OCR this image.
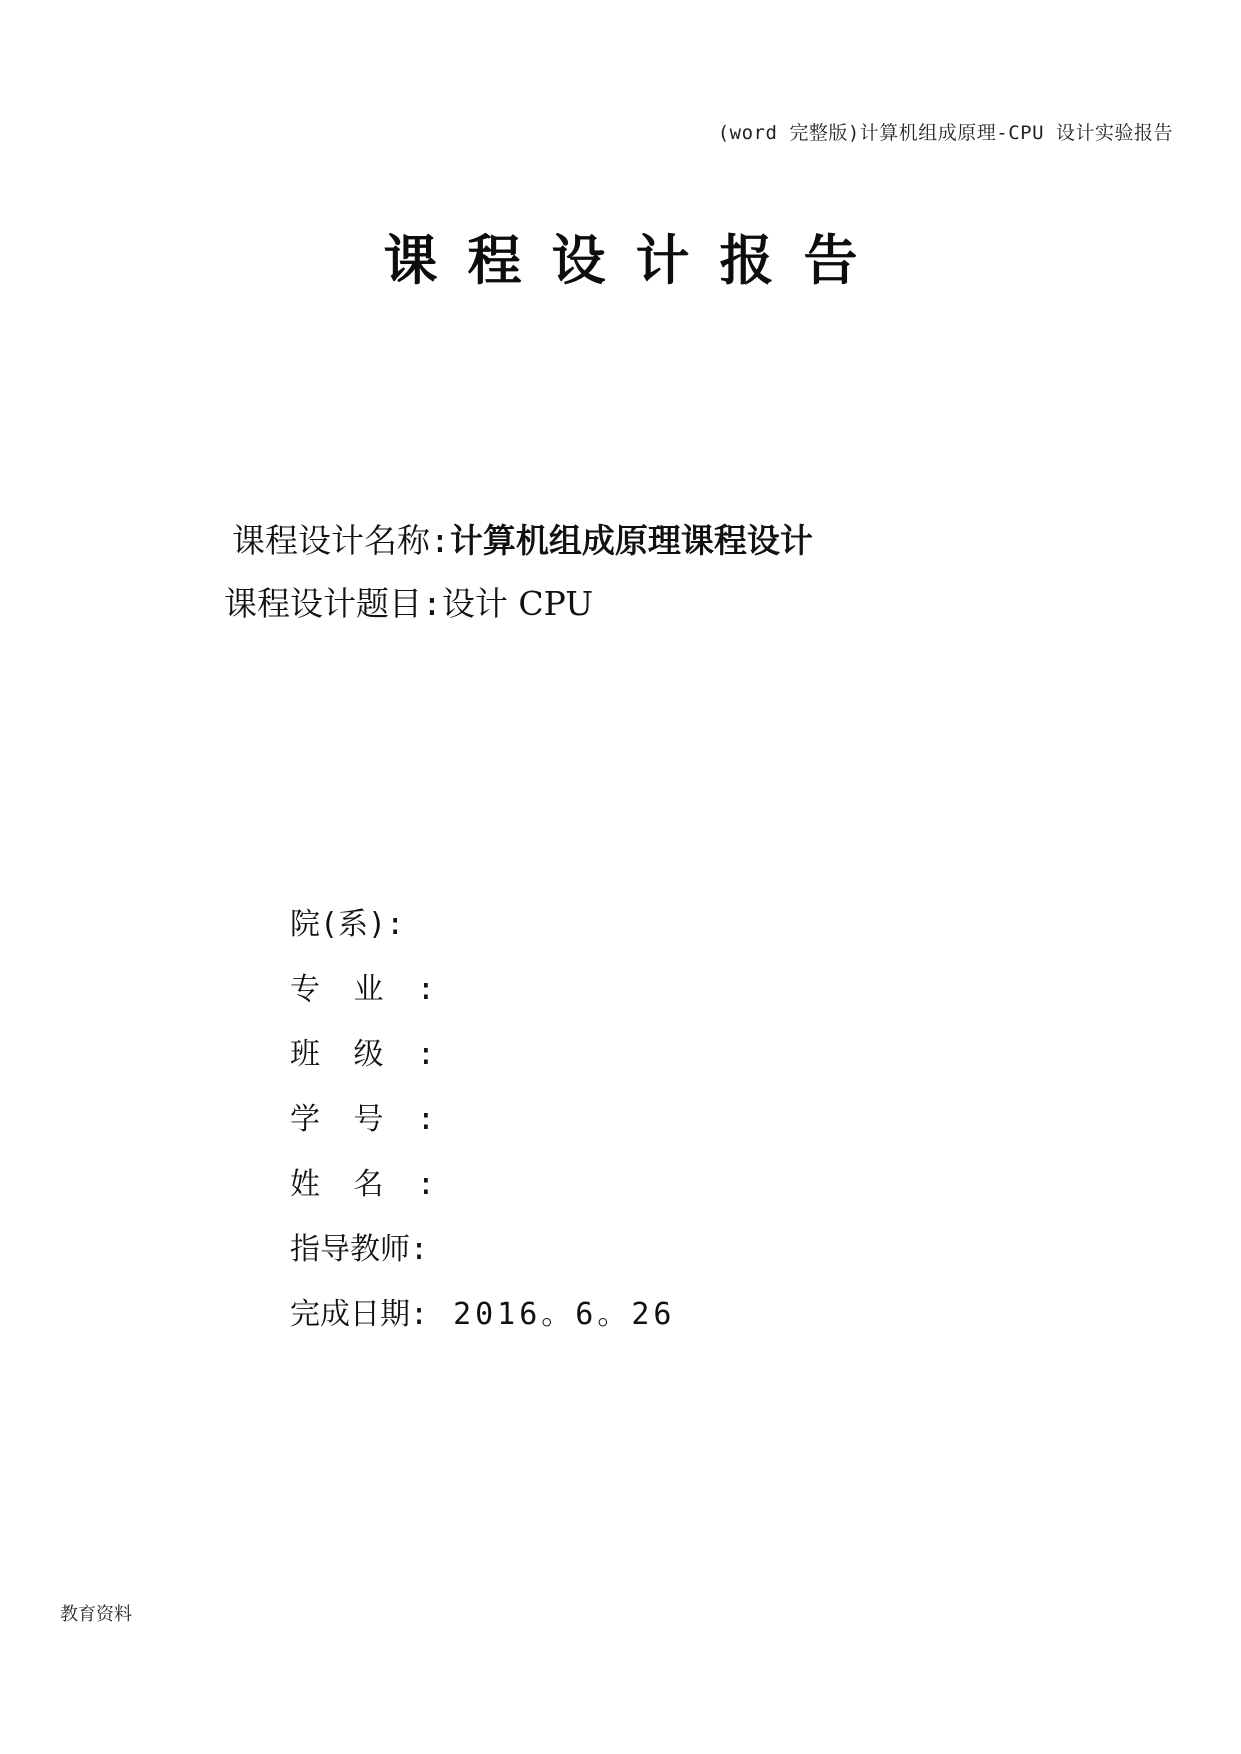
(word 完整版)计算机组成原理-CPU 设计实验报告
课程设计报告
课程设计名称:计算机组成原理课程设计
课程设计题目:设计 CPU
院(系):
专业:
班级:
学号:
姓名:
指导教师:
完成日期: 2016。6。26
教育资料
